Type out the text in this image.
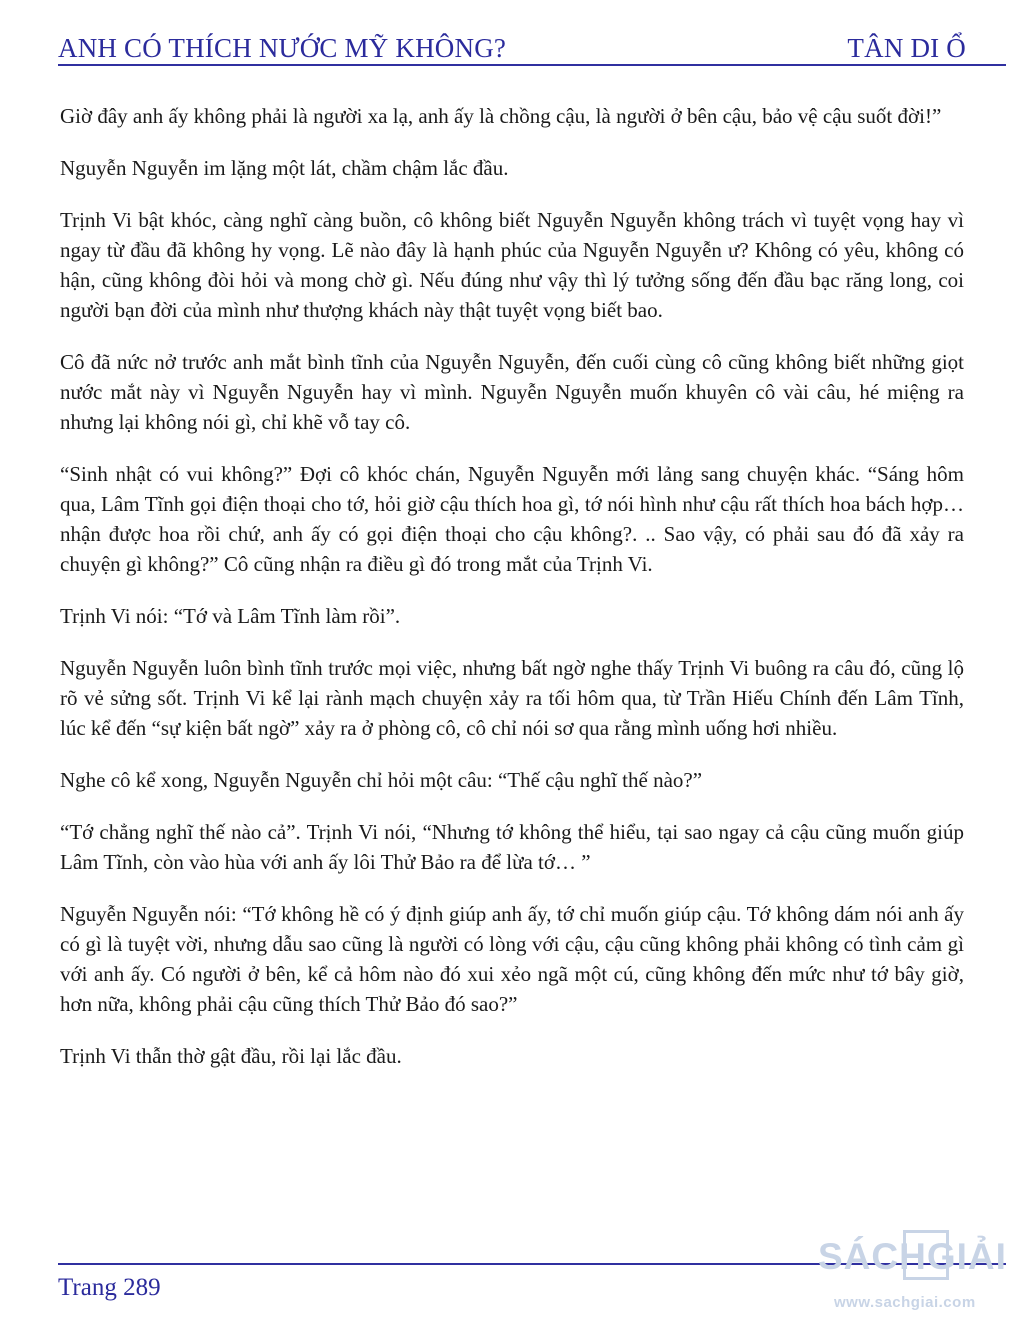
ANH CÓ THÍCH NƯỚC MỸ KHÔNG?	TÂN DI Ổ

Giờ đây anh ấy không phải là người xa lạ, anh ấy là chồng cậu, là người ở bên cậu, bảo vệ cậu suốt đời!”

Nguyễn Nguyễn im lặng một lát, chầm chậm lắc đầu.

Trịnh Vi bật khóc, càng nghĩ càng buồn, cô không biết Nguyễn Nguyễn không trách vì tuyệt vọng hay vì ngay từ đầu đã không hy vọng. Lẽ nào đây là hạnh phúc của Nguyễn Nguyễn ư? Không có yêu, không có hận, cũng không đòi hỏi và mong chờ gì. Nếu đúng như vậy thì lý tưởng sống đến đầu bạc răng long, coi người bạn đời của mình như thượng khách này thật tuyệt vọng biết bao.

Cô đã nức nở trước anh mắt bình tĩnh của Nguyễn Nguyễn, đến cuối cùng cô cũng không biết những giọt nước mắt này vì Nguyễn Nguyễn hay vì mình. Nguyễn Nguyễn muốn khuyên cô vài câu, hé miệng ra nhưng lại không nói gì, chỉ khẽ vỗ tay cô.

“Sinh nhật có vui không?” Đợi cô khóc chán, Nguyễn Nguyễn mới lảng sang chuyện khác. “Sáng hôm qua, Lâm Tĩnh gọi điện thoại cho tớ, hỏi giờ cậu thích hoa gì, tớ nói hình như cậu rất thích hoa bách hợp… nhận được hoa rồi chứ, anh ấy có gọi điện thoại cho cậu không?. .. Sao vậy, có phải sau đó đã xảy ra chuyện gì không?” Cô cũng nhận ra điều gì đó trong mắt của Trịnh Vi.

Trịnh Vi nói: “Tớ và Lâm Tĩnh làm rồi”.

Nguyễn Nguyễn luôn bình tĩnh trước mọi việc, nhưng bất ngờ nghe thấy Trịnh Vi buông ra câu đó, cũng lộ rõ vẻ sửng sốt. Trịnh Vi kể lại rành mạch chuyện xảy ra tối hôm qua, từ Trần Hiếu Chính đến Lâm Tĩnh, lúc kể đến “sự kiện bất ngờ” xảy ra ở phòng cô, cô chỉ nói sơ qua rằng mình uống hơi nhiều.

Nghe cô kể xong, Nguyễn Nguyễn chỉ hỏi một câu: “Thế cậu nghĩ thế nào?”

“Tớ chẳng nghĩ thế nào cả”. Trịnh Vi nói, “Nhưng tớ không thể hiểu, tại sao ngay cả cậu cũng muốn giúp Lâm Tĩnh, còn vào hùa với anh ấy lôi Thử Bảo ra để lừa tớ… ”

Nguyễn Nguyễn nói: “Tớ không hề có ý định giúp anh ấy, tớ chỉ muốn giúp cậu. Tớ không dám nói anh ấy có gì là tuyệt vời, nhưng dẫu sao cũng là người có lòng với cậu, cậu cũng không phải không có tình cảm gì với anh ấy. Có người ở bên, kể cả hôm nào đó xui xẻo ngã một cú, cũng không đến mức như tớ bây giờ, hơn nữa, không phải cậu cũng thích Thử Bảo đó sao?”

Trịnh Vi thẫn thờ gật đầu, rồi lại lắc đầu.

Trang 289
SÁCHGIẢI
www.sachgiai.com
